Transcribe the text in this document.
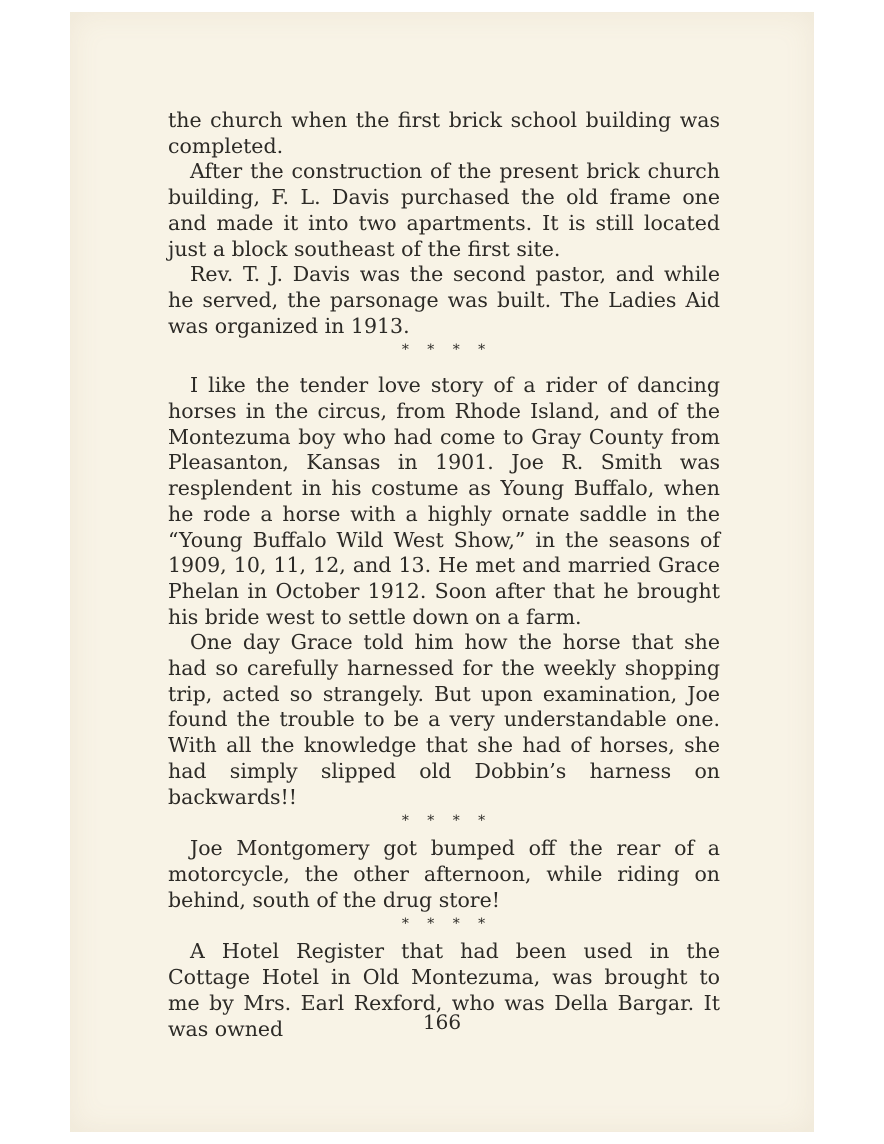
the church when the first brick school building was completed.

After the construction of the present brick church building, F. L. Davis purchased the old frame one and made it into two apartments. It is still located just a block southeast of the first site.

Rev. T. J. Davis was the second pastor, and while he served, the parsonage was built. The Ladies Aid was organized in 1913.

* * * *

I like the tender love story of a rider of dancing horses in the circus, from Rhode Island, and of the Montezuma boy who had come to Gray County from Pleasanton, Kansas in 1901. Joe R. Smith was resplendent in his costume as Young Buffalo, when he rode a horse with a highly ornate saddle in the “Young Buffalo Wild West Show,” in the seasons of 1909, 10, 11, 12, and 13. He met and married Grace Phelan in October 1912. Soon after that he brought his bride west to settle down on a farm.

One day Grace told him how the horse that she had so carefully harnessed for the weekly shopping trip, acted so strangely. But upon examination, Joe found the trouble to be a very understandable one. With all the knowledge that she had of horses, she had simply slipped old Dobbin’s harness on backwards!!

* * * *

Joe Montgomery got bumped off the rear of a motorcycle, the other afternoon, while riding on behind, south of the drug store!

* * * *

A Hotel Register that had been used in the Cottage Hotel in Old Montezuma, was brought to me by Mrs. Earl Rexford, who was Della Bargar. It was owned	166
